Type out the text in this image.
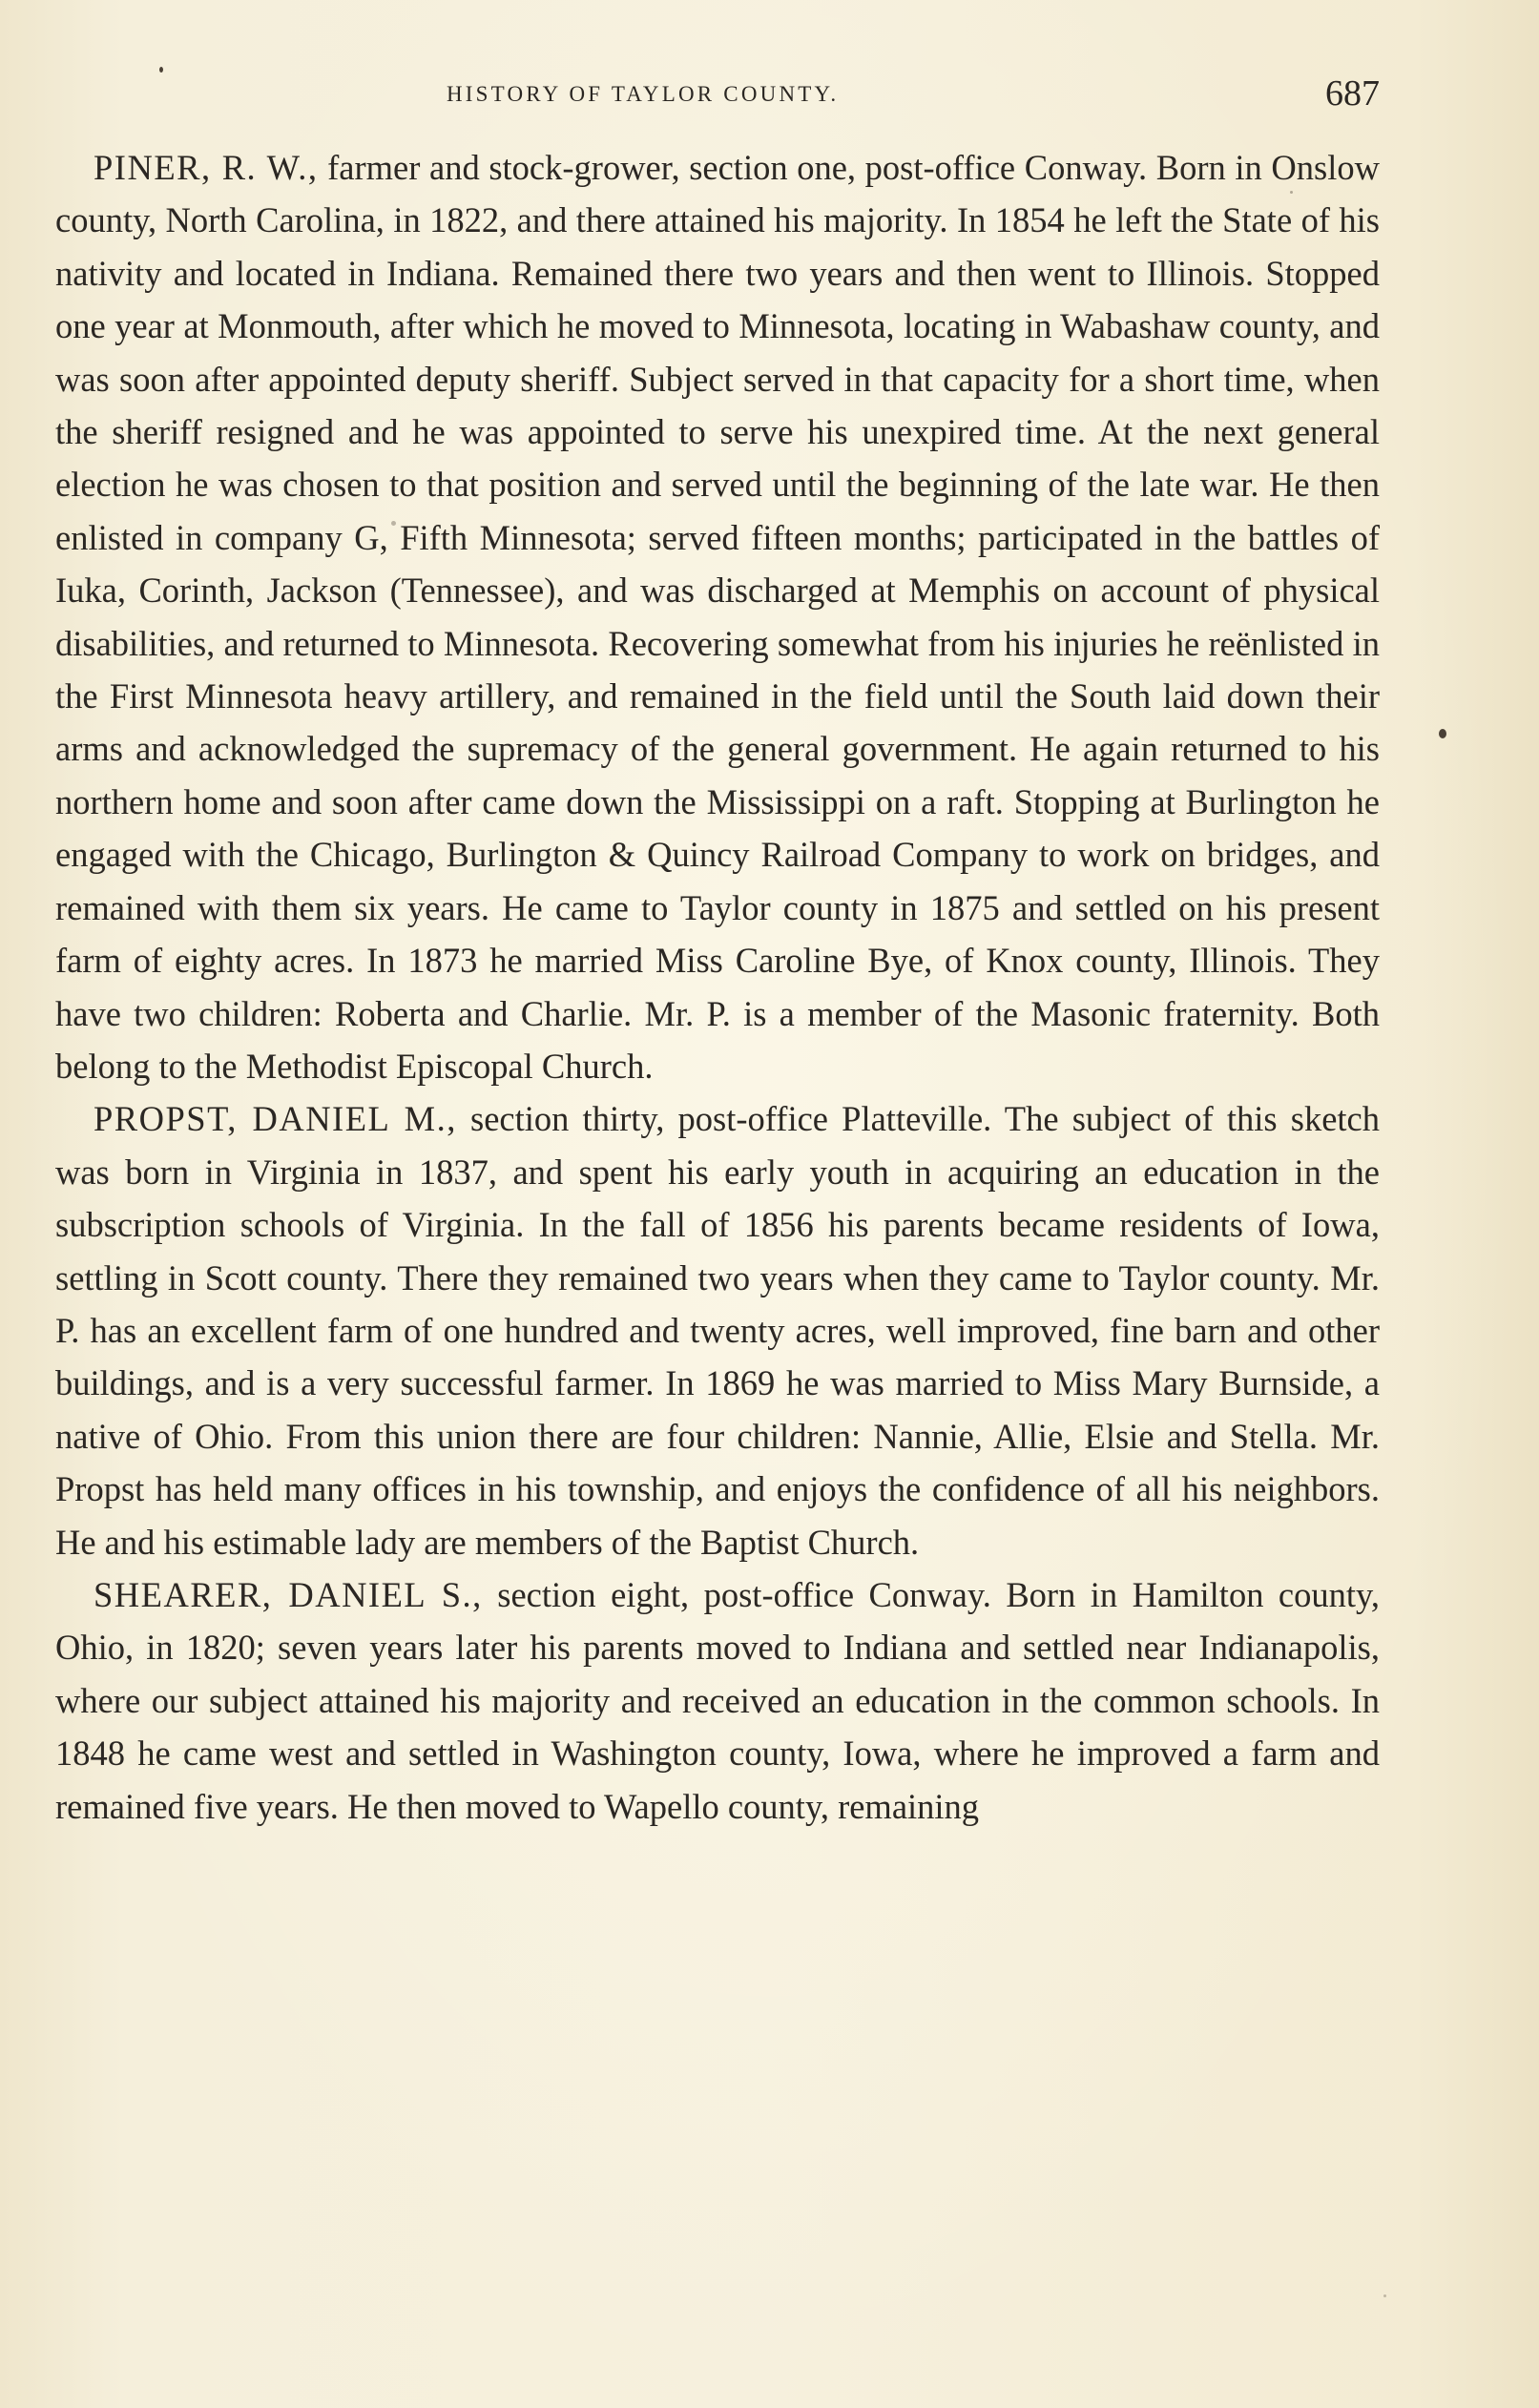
HISTORY OF TAYLOR COUNTY.	687

PINER, R. W., farmer and stock-grower, section one, post-office Conway. Born in Onslow county, North Carolina, in 1822, and there attained his majority. In 1854 he left the State of his nativity and located in Indiana. Remained there two years and then went to Illinois. Stopped one year at Monmouth, after which he moved to Minnesota, locating in Wabashaw county, and was soon after appointed deputy sheriff. Subject served in that capacity for a short time, when the sheriff resigned and he was appointed to serve his unexpired time. At the next general election he was chosen to that position and served until the beginning of the late war. He then enlisted in company G, Fifth Minnesota; served fifteen months; participated in the battles of Iuka, Corinth, Jackson (Tennessee), and was discharged at Memphis on account of physical disabilities, and returned to Minnesota. Recovering somewhat from his injuries he reënlisted in the First Minnesota heavy artillery, and remained in the field until the South laid down their arms and acknowledged the supremacy of the general government. He again returned to his northern home and soon after came down the Mississippi on a raft. Stopping at Burlington he engaged with the Chicago, Burlington & Quincy Railroad Company to work on bridges, and remained with them six years. He came to Taylor county in 1875 and settled on his present farm of eighty acres. In 1873 he married Miss Caroline Bye, of Knox county, Illinois. They have two children: Roberta and Charlie. Mr. P. is a member of the Masonic fraternity. Both belong to the Methodist Episcopal Church.

PROPST, DANIEL M., section thirty, post-office Platteville. The subject of this sketch was born in Virginia in 1837, and spent his early youth in acquiring an education in the subscription schools of Virginia. In the fall of 1856 his parents became residents of Iowa, settling in Scott county. There they remained two years when they came to Taylor county. Mr. P. has an excellent farm of one hundred and twenty acres, well improved, fine barn and other buildings, and is a very successful farmer. In 1869 he was married to Miss Mary Burnside, a native of Ohio. From this union there are four children: Nannie, Allie, Elsie and Stella. Mr. Propst has held many offices in his township, and enjoys the confidence of all his neighbors. He and his estimable lady are members of the Baptist Church.

SHEARER, DANIEL S., section eight, post-office Conway. Born in Hamilton county, Ohio, in 1820; seven years later his parents moved to Indiana and settled near Indianapolis, where our subject attained his majority and received an education in the common schools. In 1848 he came west and settled in Washington county, Iowa, where he improved a farm and remained five years. He then moved to Wapello county, remaining
